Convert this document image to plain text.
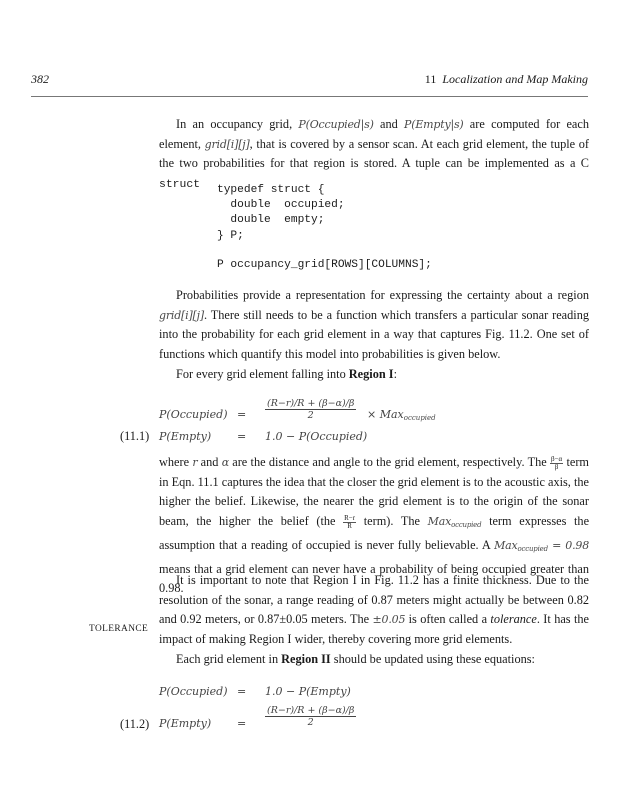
382	11 Localization and Map Making
In an occupancy grid, P(Occupied|s) and P(Empty|s) are computed for each element, grid[i][j], that is covered by a sensor scan. At each grid element, the tuple of the two probabilities for that region is stored. A tuple can be implemented as a C struct	typedef struct {
double  occupied;
double  empty;
} P;
P occupancy_grid[ROWS][COLUMNS];
Probabilities provide a representation for expressing the certainty about a region grid[i][j]. There still needs to be a function which transfers a particular sonar reading into the probability for each grid element in a way that captures Fig. 11.2. One set of functions which quantify this model into probabilities is given below.
For every grid element falling into Region I:
P(Occupied) = $\frac{(R-r)/R + (\beta-\alpha)/\beta}{2} \times Max_{occupied}$
(11.1) P(Empty) = 1.0 − P(Occupied)
where r and α are the distance and angle to the grid element, respectively. The $\frac{\beta-\alpha}{\beta}$ term in Eqn. 11.1 captures the idea that the closer the grid element is to the acoustic axis, the higher the belief. Likewise, the nearer the grid element is to the origin of the sonar beam, the higher the belief ($the \frac{R-r}{R}$ term). The Max$_{occupied}$ term expresses the assumption that a reading of occupied is never fully believable. A Max$_{occupied}$ = 0.98 means that a grid element can never have a probability of being occupied greater than 0.98.
It is important to note that Region I in Fig. 11.2 has a finite thickness. Due to the resolution of the sonar, a range reading of 0.87 meters might actually be between 0.82 and 0.92 meters, or 0.87±0.05 meters. The ±0.05 is often called a tolerance. It has the impact of making Region I wider, thereby covering more grid elements.
TOLERANCE
Each grid element in Region II should be updated using these equations:
P(Occupied) = 1.0 − P(Empty)
P(Empty) = $\frac{(R-r)/R + (\beta-\alpha)/\beta}{2}$
(11.2)
